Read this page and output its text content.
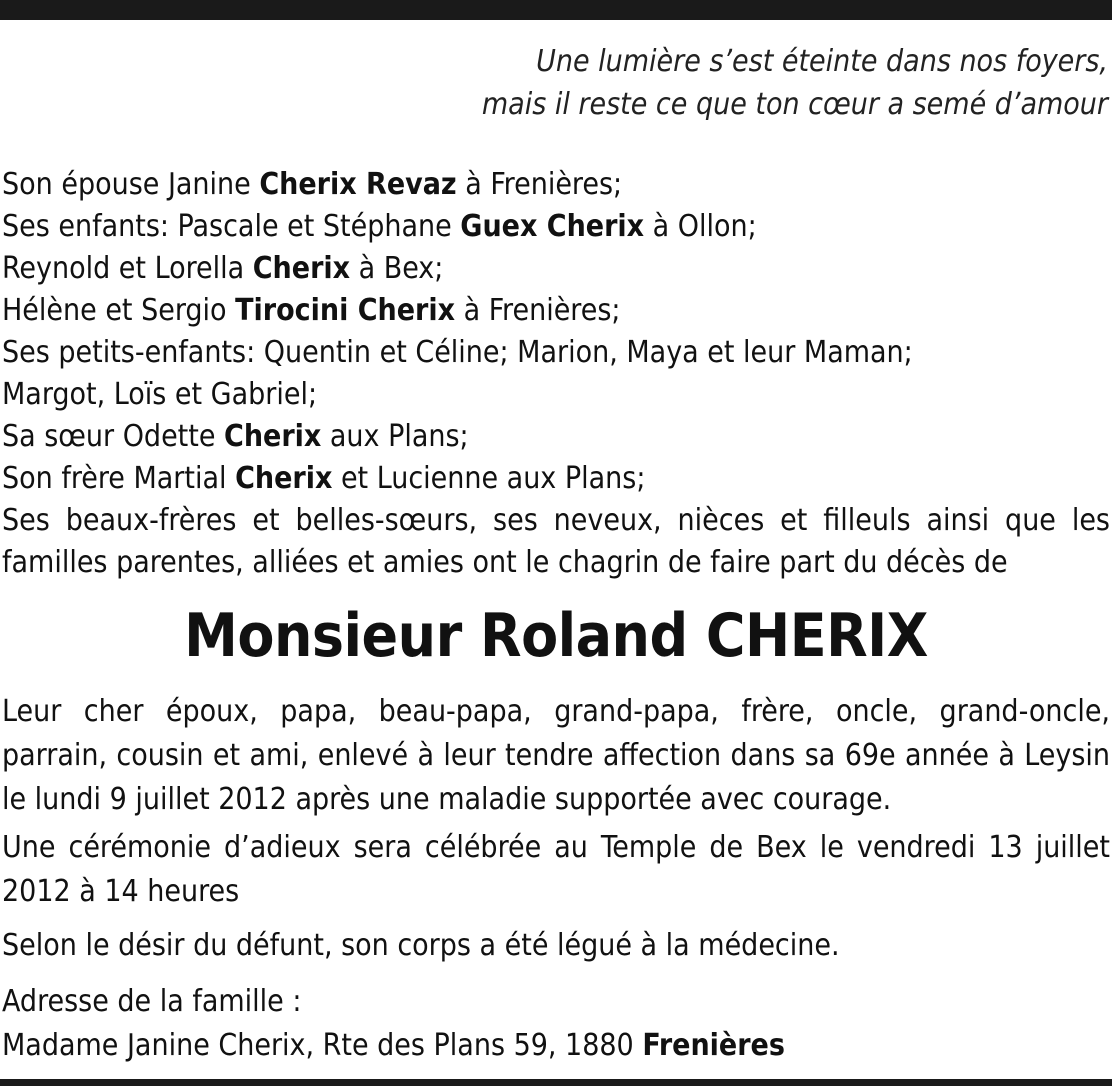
Une lumière s’est éteinte dans nos foyers,
mais il reste ce que ton cœur a semé d’amour
Son épouse Janine Cherix Revaz à Frenières;
Ses enfants: Pascale et Stéphane Guex Cherix à Ollon;
Reynold et Lorella Cherix à Bex;
Hélène et Sergio Tirocini Cherix à Frenières;
Ses petits-enfants: Quentin et Céline; Marion, Maya et leur Maman;
Margot, Loïs et Gabriel;
Sa sœur Odette Cherix aux Plans;
Son frère Martial Cherix et Lucienne aux Plans;
Ses beaux-frères et belles-sœurs, ses neveux, nièces et filleuls ainsi que les familles parentes, alliées et amies ont le chagrin de faire part du décès de
Monsieur Roland CHERIX
Leur cher époux, papa, beau-papa, grand-papa, frère, oncle, grand-oncle, parrain, cousin et ami, enlevé à leur tendre affection dans sa 69e année à Leysin le lundi 9 juillet 2012 après une maladie supportée avec courage.
Une cérémonie d’adieux sera célébrée au Temple de Bex le vendredi 13 juillet 2012 à 14 heures
Selon le désir du défunt, son corps a été légué à la médecine.
Adresse de la famille :
Madame Janine Cherix, Rte des Plans 59, 1880 Frenières
